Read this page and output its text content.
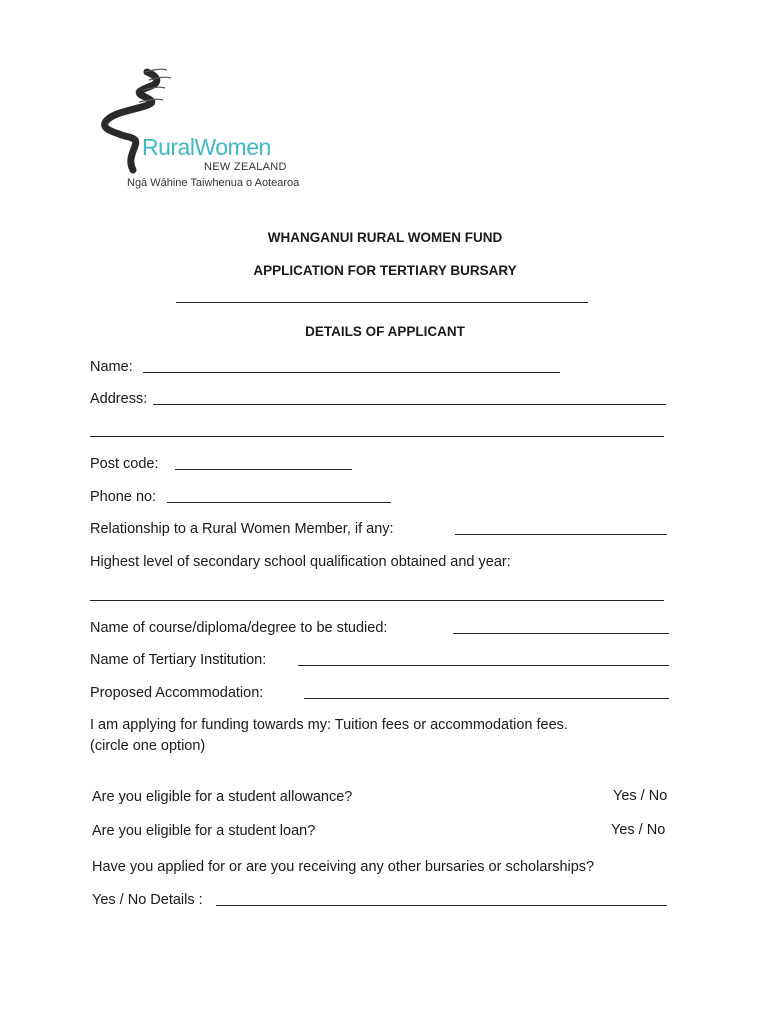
RuralWomen
NEW ZEALAND
Ngā Wāhine Taiwhenua o Aotearoa
WHANGANUI RURAL WOMEN FUND
APPLICATION FOR TERTIARY BURSARY
DETAILS OF APPLICANT
Name:
Address:
Post code:
Phone no:
Relationship to a Rural Women Member, if any:
Highest level of secondary school qualification obtained and year:
Name of course/diploma/degree to be studied:
Name of Tertiary Institution:
Proposed Accommodation:
I am applying for funding towards my: Tuition fees or accommodation fees.
(circle one option)
Are you eligible for a student allowance?	Yes / No
Are you eligible for a student loan?	Yes / No
Have you applied for or are you receiving any other bursaries or scholarships?
Yes / No Details :
